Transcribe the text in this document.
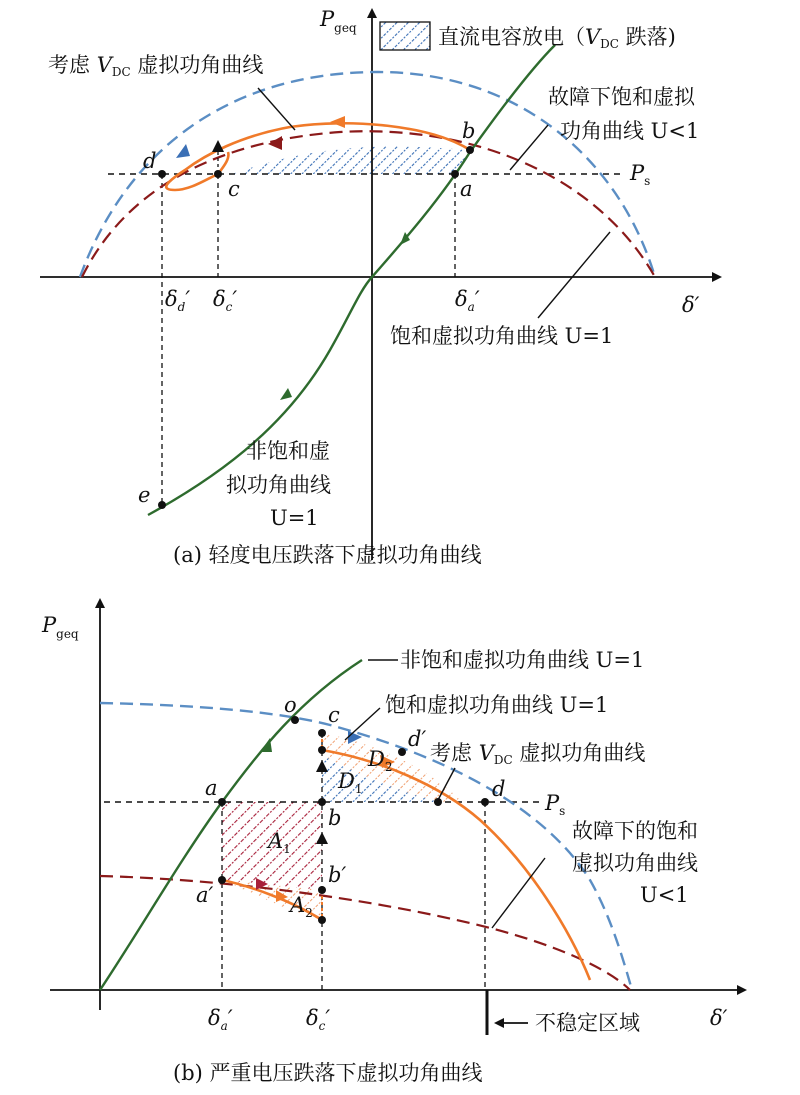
直流电容放电（VDC 跌落)
$P_{geq}$
δ′
$P_s$
考虑 VDC 虚拟功角曲线
故障下饱和虚拟
功角曲线 U<1
饱和虚拟功角曲线 U=1
非饱和虚
拟功角曲线
U=1
a
b
c
d
e
$\delta_d'$ $\delta_c'$	$\delta_a'$
(a) 轻度电压跌落下虚拟功角曲线
$P_{geq}$
δ′
$P_s$
非饱和虚拟功角曲线 U=1
饱和虚拟功角曲线 U=1
考虑 VDC 虚拟功角曲线
故障下的饱和
虚拟功角曲线
U<1
不稳定区域
o c
a
b
d
a′
b′
d′
$A_1$
$A_2$
$D_1$
$D_2$
$\delta_a'$	$\delta_c'$
(b) 严重电压跌落下虚拟功角曲线
